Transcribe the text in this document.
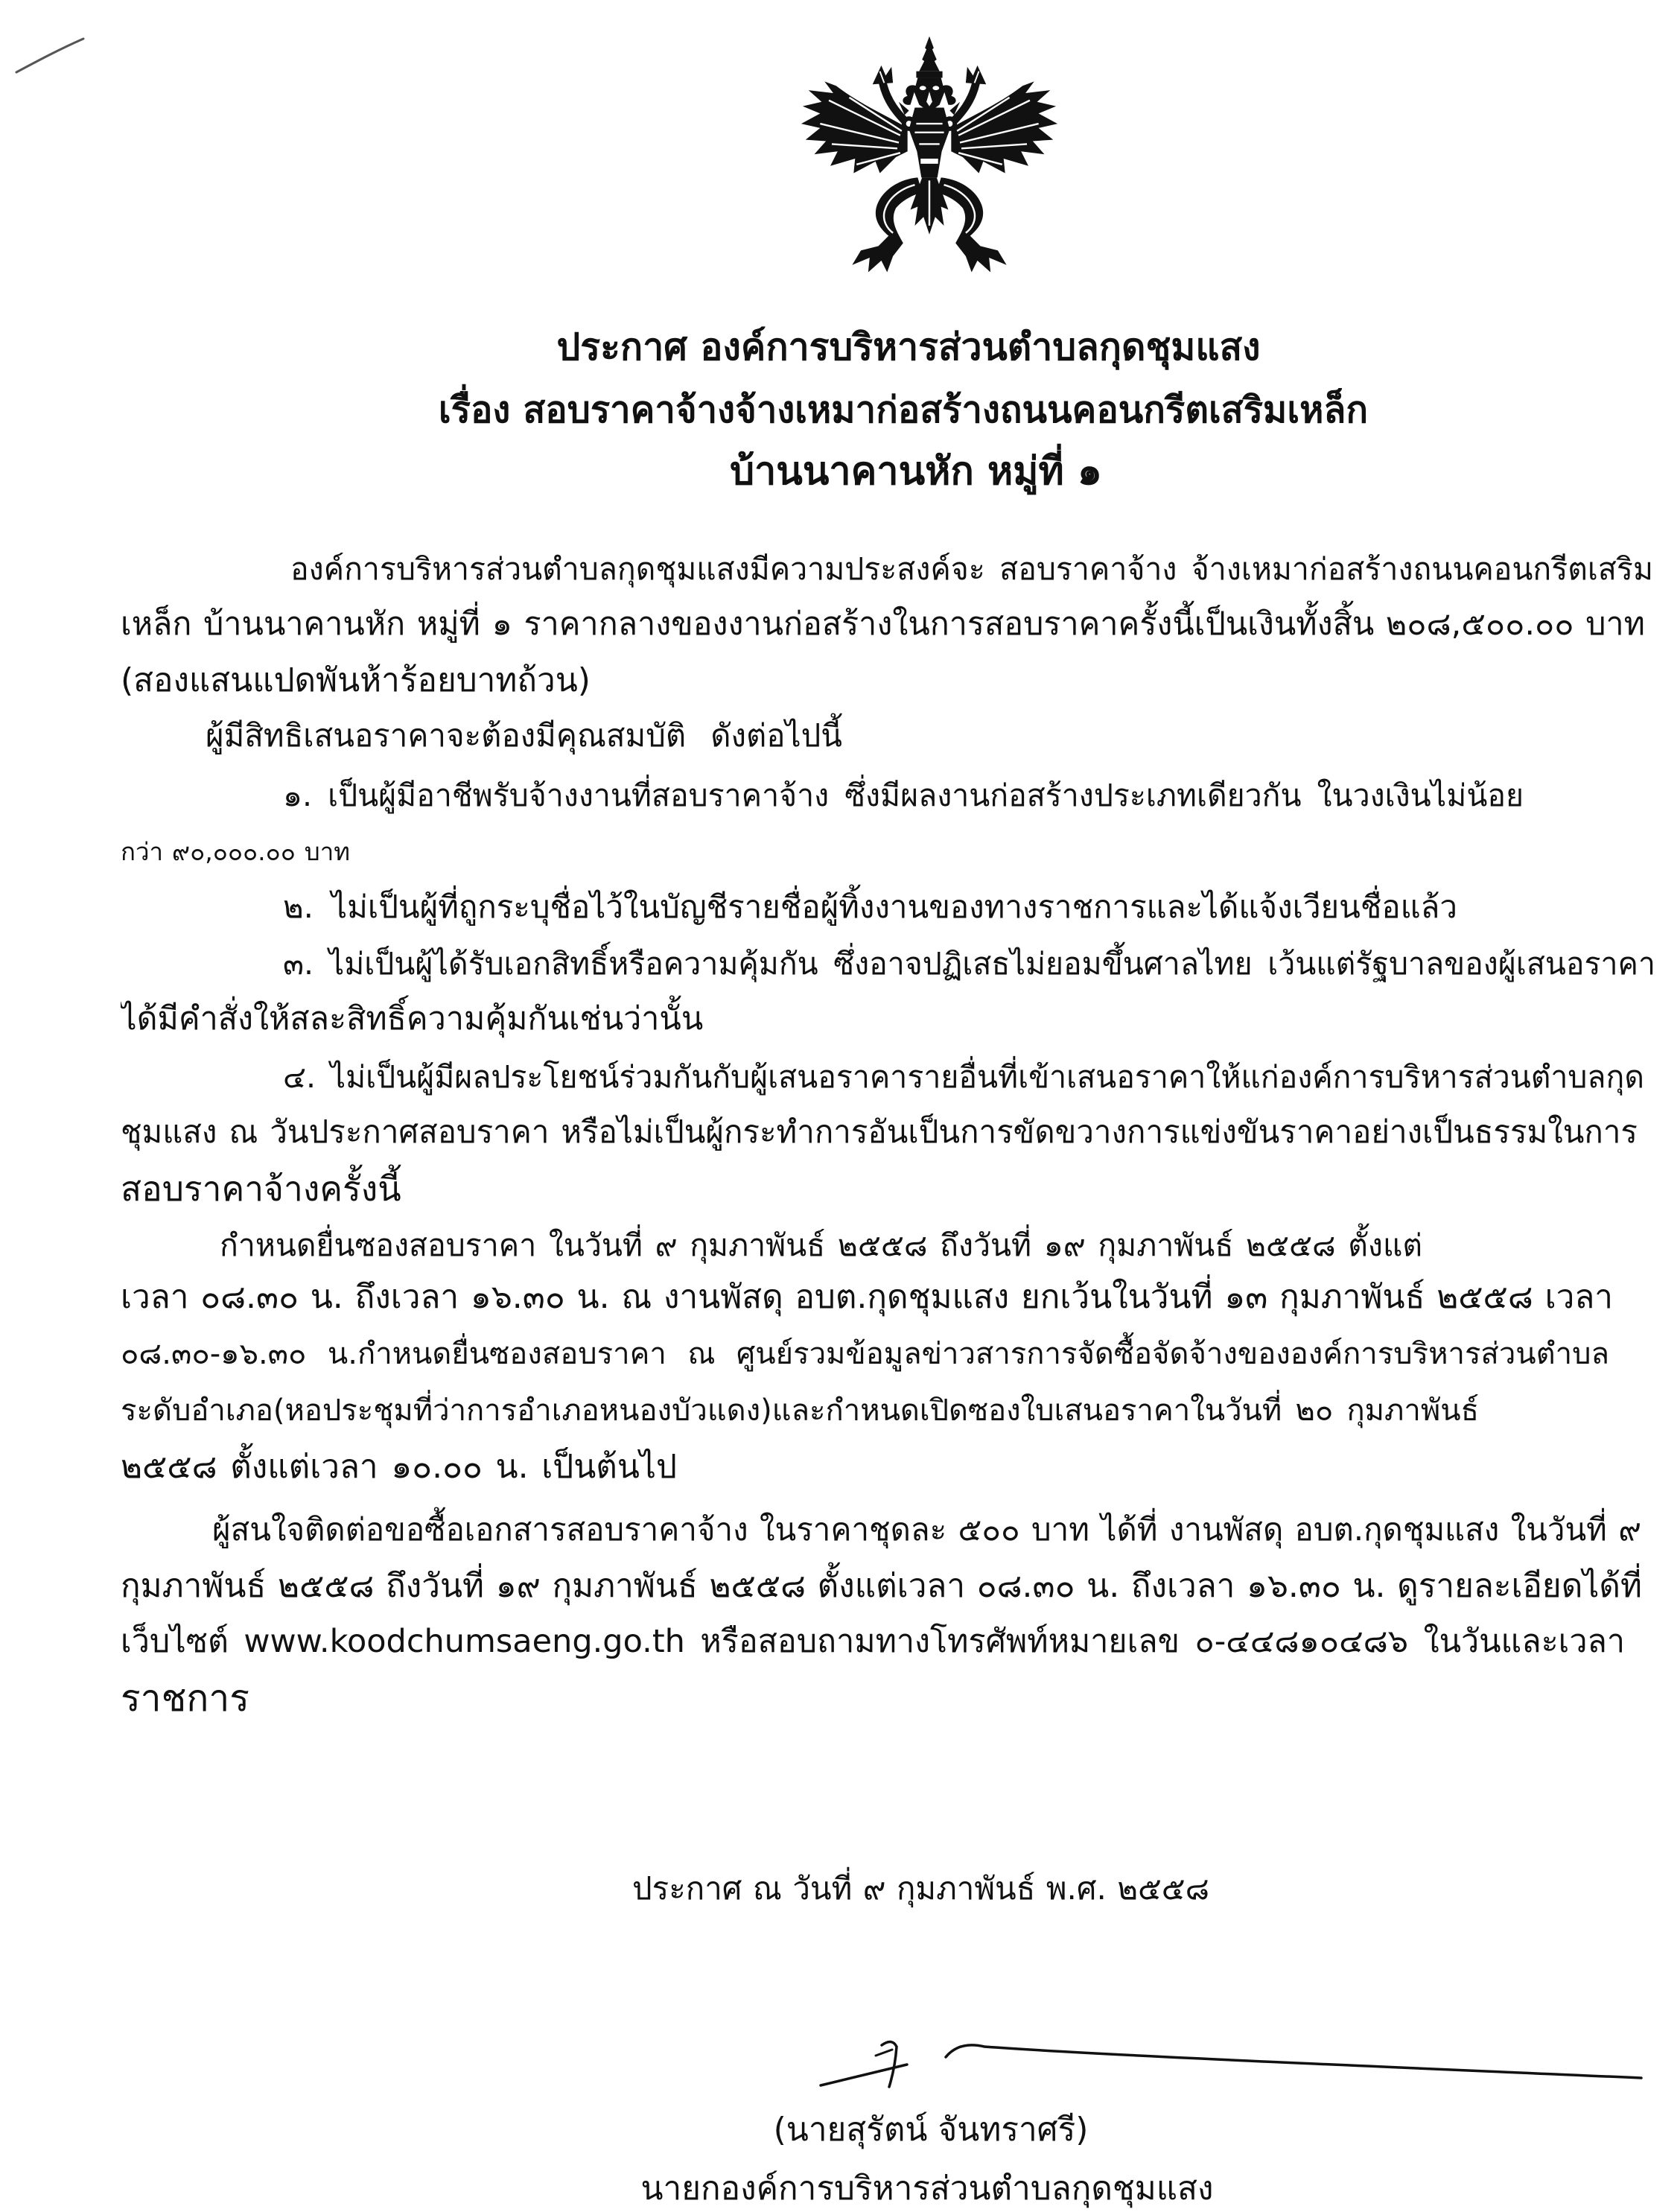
ประกาศ องค์การบริหารส่วนตำบลกุดชุมแสง
เรื่อง สอบราคาจ้างจ้างเหมาก่อสร้างถนนคอนกรีตเสริมเหล็ก
บ้านนาคานหัก หมู่ที่ ๑
องค์การบริหารส่วนตำบลกุดชุมแสงมีความประสงค์จะ สอบราคาจ้าง จ้างเหมาก่อสร้างถนนคอนกรีตเสริม
เหล็ก บ้านนาคานหัก หมู่ที่ ๑ ราคากลางของงานก่อสร้างในการสอบราคาครั้งนี้เป็นเงินทั้งสิ้น ๒๐๘,๕๐๐.๐๐ บาท
(สองแสนแปดพันห้าร้อยบาทถ้วน)
ผู้มีสิทธิเสนอราคาจะต้องมีคุณสมบัติ ดังต่อไปนี้
๑. เป็นผู้มีอาชีพรับจ้างงานที่สอบราคาจ้าง ซึ่งมีผลงานก่อสร้างประเภทเดียวกัน ในวงเงินไม่น้อย
กว่า ๙๐,๐๐๐.๐๐ บาท
๒. ไม่เป็นผู้ที่ถูกระบุชื่อไว้ในบัญชีรายชื่อผู้ทิ้งงานของทางราชการและได้แจ้งเวียนชื่อแล้ว
๓. ไม่เป็นผู้ได้รับเอกสิทธิ์หรือความคุ้มกัน ซึ่งอาจปฏิเสธไม่ยอมขึ้นศาลไทย เว้นแต่รัฐบาลของผู้เสนอราคา
ได้มีคำสั่งให้สละสิทธิ์ความคุ้มกันเช่นว่านั้น
๔. ไม่เป็นผู้มีผลประโยชน์ร่วมกันกับผู้เสนอราคารายอื่นที่เข้าเสนอราคาให้แก่องค์การบริหารส่วนตำบลกุด
ชุมแสง ณ วันประกาศสอบราคา หรือไม่เป็นผู้กระทำการอันเป็นการขัดขวางการแข่งขันราคาอย่างเป็นธรรมในการ
สอบราคาจ้างครั้งนี้
กำหนดยื่นซองสอบราคา ในวันที่ ๙ กุมภาพันธ์ ๒๕๕๘ ถึงวันที่ ๑๙ กุมภาพันธ์ ๒๕๕๘ ตั้งแต่
เวลา ๐๘.๓๐ น. ถึงเวลา ๑๖.๓๐ น. ณ งานพัสดุ อบต.กุดชุมแสง ยกเว้นในวันที่ ๑๓ กุมภาพันธ์ ๒๕๕๘ เวลา
๐๘.๓๐-๑๖.๓๐ น.กำหนดยื่นซองสอบราคา ณ ศูนย์รวมข้อมูลข่าวสารการจัดซื้อจัดจ้างขององค์การบริหารส่วนตำบล
ระดับอำเภอ(หอประชุมที่ว่าการอำเภอหนองบัวแดง)และกำหนดเปิดซองใบเสนอราคาในวันที่ ๒๐ กุมภาพันธ์
๒๕๕๘ ตั้งแต่เวลา ๑๐.๐๐ น. เป็นต้นไป
ผู้สนใจติดต่อขอซื้อเอกสารสอบราคาจ้าง ในราคาชุดละ ๕๐๐ บาท ได้ที่ งานพัสดุ อบต.กุดชุมแสง ในวันที่ ๙
กุมภาพันธ์ ๒๕๕๘ ถึงวันที่ ๑๙ กุมภาพันธ์ ๒๕๕๘ ตั้งแต่เวลา ๐๘.๓๐ น. ถึงเวลา ๑๖.๓๐ น. ดูรายละเอียดได้ที่
เว็บไซต์ www.koodchumsaeng.go.th หรือสอบถามทางโทรศัพท์หมายเลข ๐-๔๔๘๑๐๔๘๖ ในวันและเวลา
ราชการ
ประกาศ ณ วันที่ ๙ กุมภาพันธ์ พ.ศ. ๒๕๕๘
(นายสุรัตน์ จันทราศรี)
นายกองค์การบริหารส่วนตำบลกุดชุมแสง
